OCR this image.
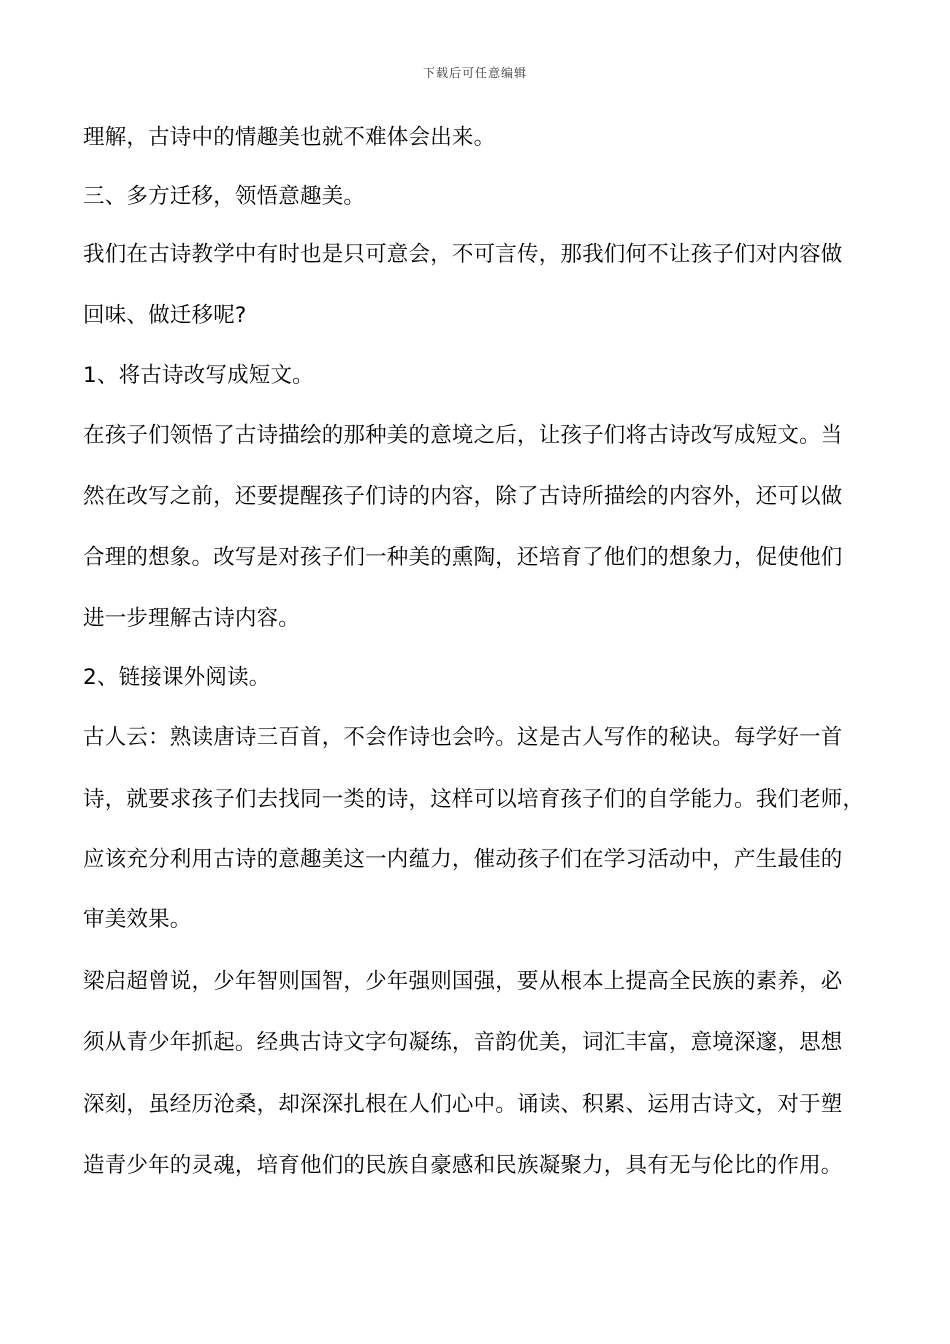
下载后可任意编辑
理解，古诗中的情趣美也就不难体会出来。
三、多方迁移，领悟意趣美。
我们在古诗教学中有时也是只可意会，不可言传，那我们何不让孩子们对内容做
回味、做迁移呢?
1、将古诗改写成短文。
在孩子们领悟了古诗描绘的那种美的意境之后，让孩子们将古诗改写成短文。当
然在改写之前，还要提醒孩子们诗的内容，除了古诗所描绘的内容外，还可以做
合理的想象。改写是对孩子们一种美的熏陶，还培育了他们的想象力，促使他们
进一步理解古诗内容。
2、链接课外阅读。
古人云：熟读唐诗三百首，不会作诗也会吟。这是古人写作的秘诀。每学好一首
诗，就要求孩子们去找同一类的诗，这样可以培育孩子们的自学能力。我们老师，
应该充分利用古诗的意趣美这一内蕴力，催动孩子们在学习活动中，产生最佳的
审美效果。
梁启超曾说，少年智则国智，少年强则国强，要从根本上提高全民族的素养，必
须从青少年抓起。经典古诗文字句凝练，音韵优美，词汇丰富，意境深邃，思想
深刻，虽经历沧桑，却深深扎根在人们心中。诵读、积累、运用古诗文，对于塑
造青少年的灵魂，培育他们的民族自豪感和民族凝聚力，具有无与伦比的作用。
